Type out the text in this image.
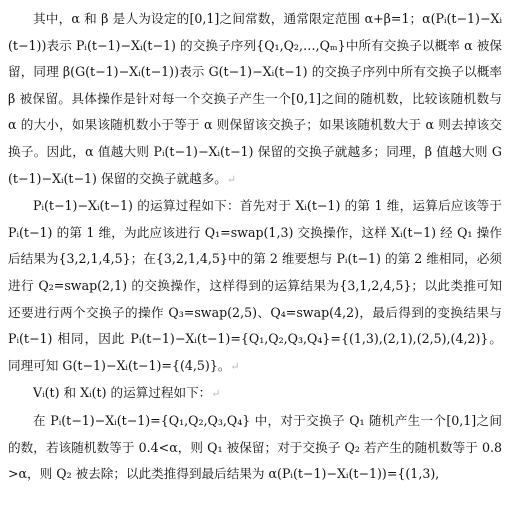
其中，α 和 β 是人为设定的[0,1]之间常数，通常限定范围 α+β=1；α(Pᵢ(t−1)−Xᵢ(t−1))表示 Pᵢ(t−1)−Xᵢ(t−1) 的交换子序列{Q₁,Q₂,…,Qₘ}中所有交换子以概率 α 被保留，同理 β(G(t−1)−Xᵢ(t−1))表示 G(t−1)−Xᵢ(t−1) 的交换子序列中所有交换子以概率 β 被保留。具体操作是针对每一个交换子产生一个[0,1]之间的随机数，比较该随机数与 α 的大小，如果该随机数小于等于 α 则保留该交换子；如果该随机数大于 α 则去掉该交换子。因此，α 值越大则 Pᵢ(t−1)−Xᵢ(t−1) 保留的交换子就越多；同理，β 值越大则 G(t−1)−Xᵢ(t−1) 保留的交换子就越多。↵

Pᵢ(t−1)−Xᵢ(t−1) 的运算过程如下：首先对于 Xᵢ(t−1) 的第 1 维，运算后应该等于 Pᵢ(t−1) 的第 1 维，为此应该进行 Q₁=swap(1,3) 交换操作，这样 Xᵢ(t−1) 经 Q₁ 操作后结果为{3,2,1,4,5}；在{3,2,1,4,5}中的第 2 维要想与 Pᵢ(t−1) 的第 2 维相同，必须进行 Q₂=swap(2,1) 的交换操作，这样得到的运算结果为{3,1,2,4,5}；以此类推可知还要进行两个交换子的操作 Q₃=swap(2,5)、Q₄=swap(4,2)，最后得到的变换结果与 Pᵢ(t−1) 相同，因此 Pᵢ(t−1)−Xᵢ(t−1)={Q₁,Q₂,Q₃,Q₄}={(1,3),(2,1),(2,5),(4,2)}。同理可知 G(t−1)−Xᵢ(t−1)={(4,5)}。↵

Vᵢ(t) 和 Xᵢ(t) 的运算过程如下：↵

在 Pᵢ(t−1)−Xᵢ(t−1)={Q₁,Q₂,Q₃,Q₄} 中，对于交换子 Q₁ 随机产生一个[0,1]之间的数，若该随机数等于 0.4<α，则 Q₁ 被保留；对于交换子 Q₂ 若产生的随机数等于 0.8>α，则 Q₂ 被去除；以此类推得到最后结果为 α(Pᵢ(t−1)−Xᵢ(t−1))={(1,3),
